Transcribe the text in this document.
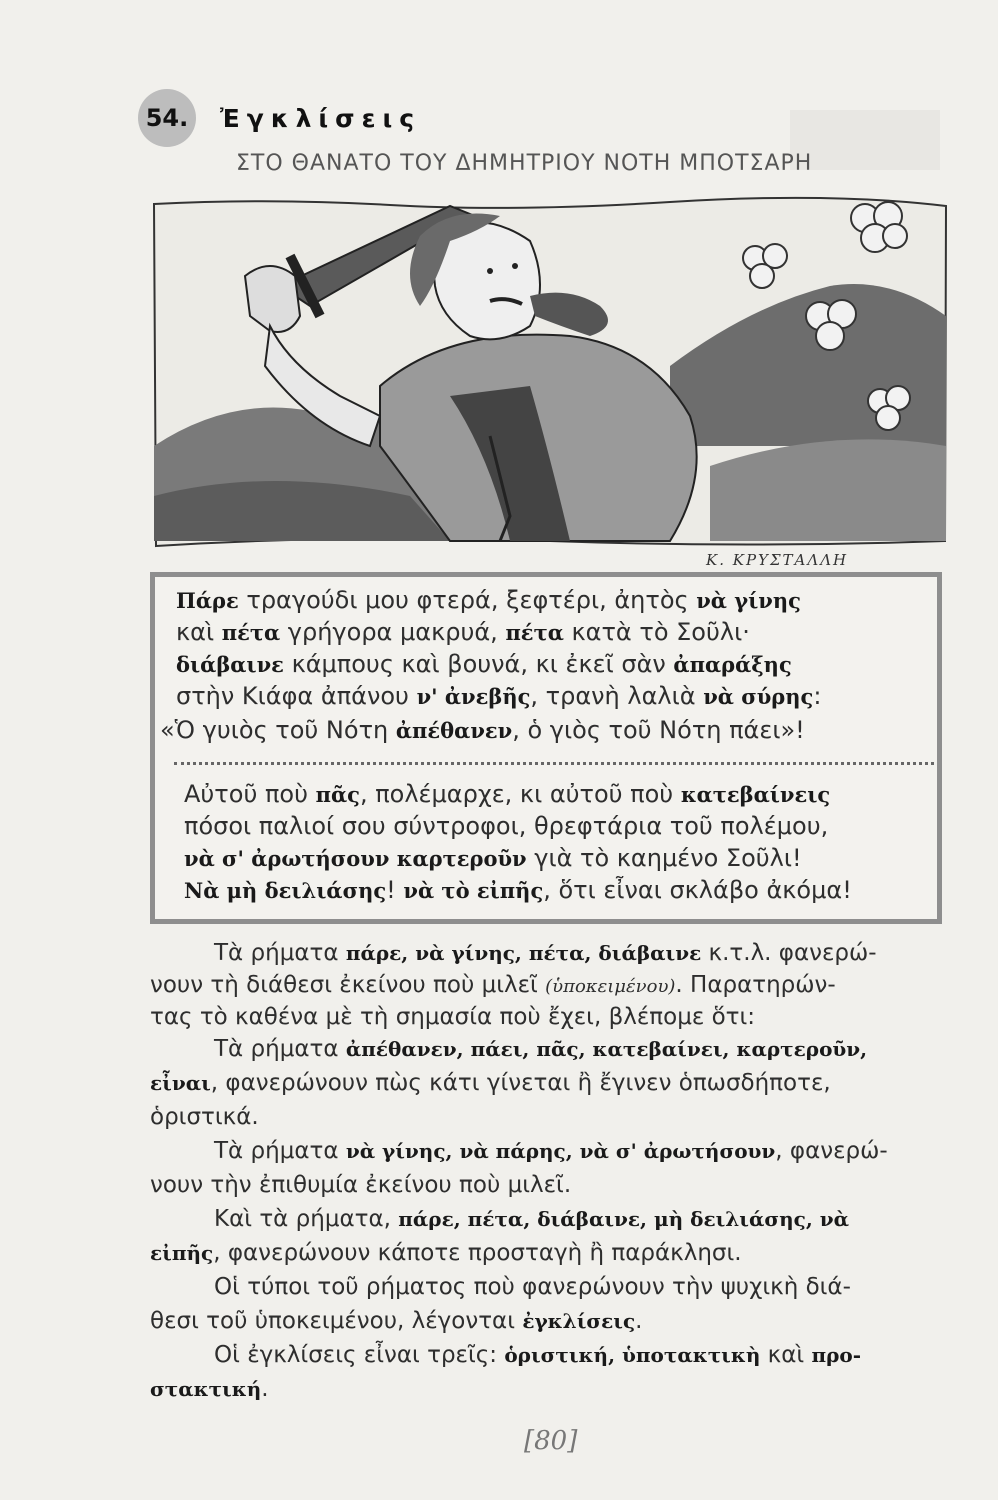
54.	Ἐγκλίσεις
ΣΤΟ ΘΑΝΑΤΟ ΤΟΥ ΔΗΜΗΤΡΙΟΥ ΝΟΤΗ ΜΠΟΤΣΑΡΗ
Κ. ΚΡΥΣΤΑΛΛΗ
Πάρε τραγούδι μου φτερά, ξεφτέρι, ἀητὸς νὰ γίνης
καὶ πέτα γρήγορα μακρυά, πέτα κατὰ τὸ Σοῦλι·
διάβαινε κάμπους καὶ βουνά, κι ἐκεῖ σὰν ἀπαράξης
στὴν Κιάφα ἀπάνου ν' ἀνεβῆς, τρανὴ λαλιὰ νὰ σύρης:
«Ὁ γυιὸς τοῦ Νότη ἀπέθανεν, ὁ γιὸς τοῦ Νότη πάει»!
Αὐτοῦ ποὺ πᾶς, πολέμαρχε, κι αὐτοῦ ποὺ κατεβαίνεις
πόσοι παλιοί σου σύντροφοι, θρεφτάρια τοῦ πολέμου,
νὰ σ' ἀρωτήσουν καρτεροῦν γιὰ τὸ καημένο Σοῦλι!
Νὰ μὴ δειλιάσης! νὰ τὸ εἰπῆς, ὅτι εἶναι σκλάβο ἀκόμα!
Τὰ ρήματα πάρε, νὰ γίνης, πέτα, διάβαινε κ.τ.λ. φανερώ-
νουν τὴ διάθεσι ἐκείνου ποὺ μιλεῖ (ὑποκειμένου). Παρατηρών-
τας τὸ καθένα μὲ τὴ σημασία ποὺ ἔχει, βλέπομε ὅτι:
Τὰ ρήματα ἀπέθανεν, πάει, πᾶς, κατεβαίνει, καρτεροῦν,
εἶναι, φανερώνουν πὼς κάτι γίνεται ἢ ἔγινεν ὁπωσδήποτε,
ὁριστικά.
Τὰ ρήματα νὰ γίνης, νὰ πάρης, νὰ σ' ἀρωτήσουν, φανερώ-
νουν τὴν ἐπιθυμία ἐκείνου ποὺ μιλεῖ.
Καὶ τὰ ρήματα, πάρε, πέτα, διάβαινε, μὴ δειλιάσης, νὰ
εἰπῆς, φανερώνουν κάποτε προσταγὴ ἢ παράκλησι.
Οἱ τύποι τοῦ ρήματος ποὺ φανερώνουν τὴν ψυχικὴ διά-
θεσι τοῦ ὑποκειμένου, λέγονται ἐγκλίσεις.
Οἱ ἐγκλίσεις εἶναι τρεῖς: ὁριστική, ὑποτακτικὴ καὶ προ-
στακτική.
[80]
